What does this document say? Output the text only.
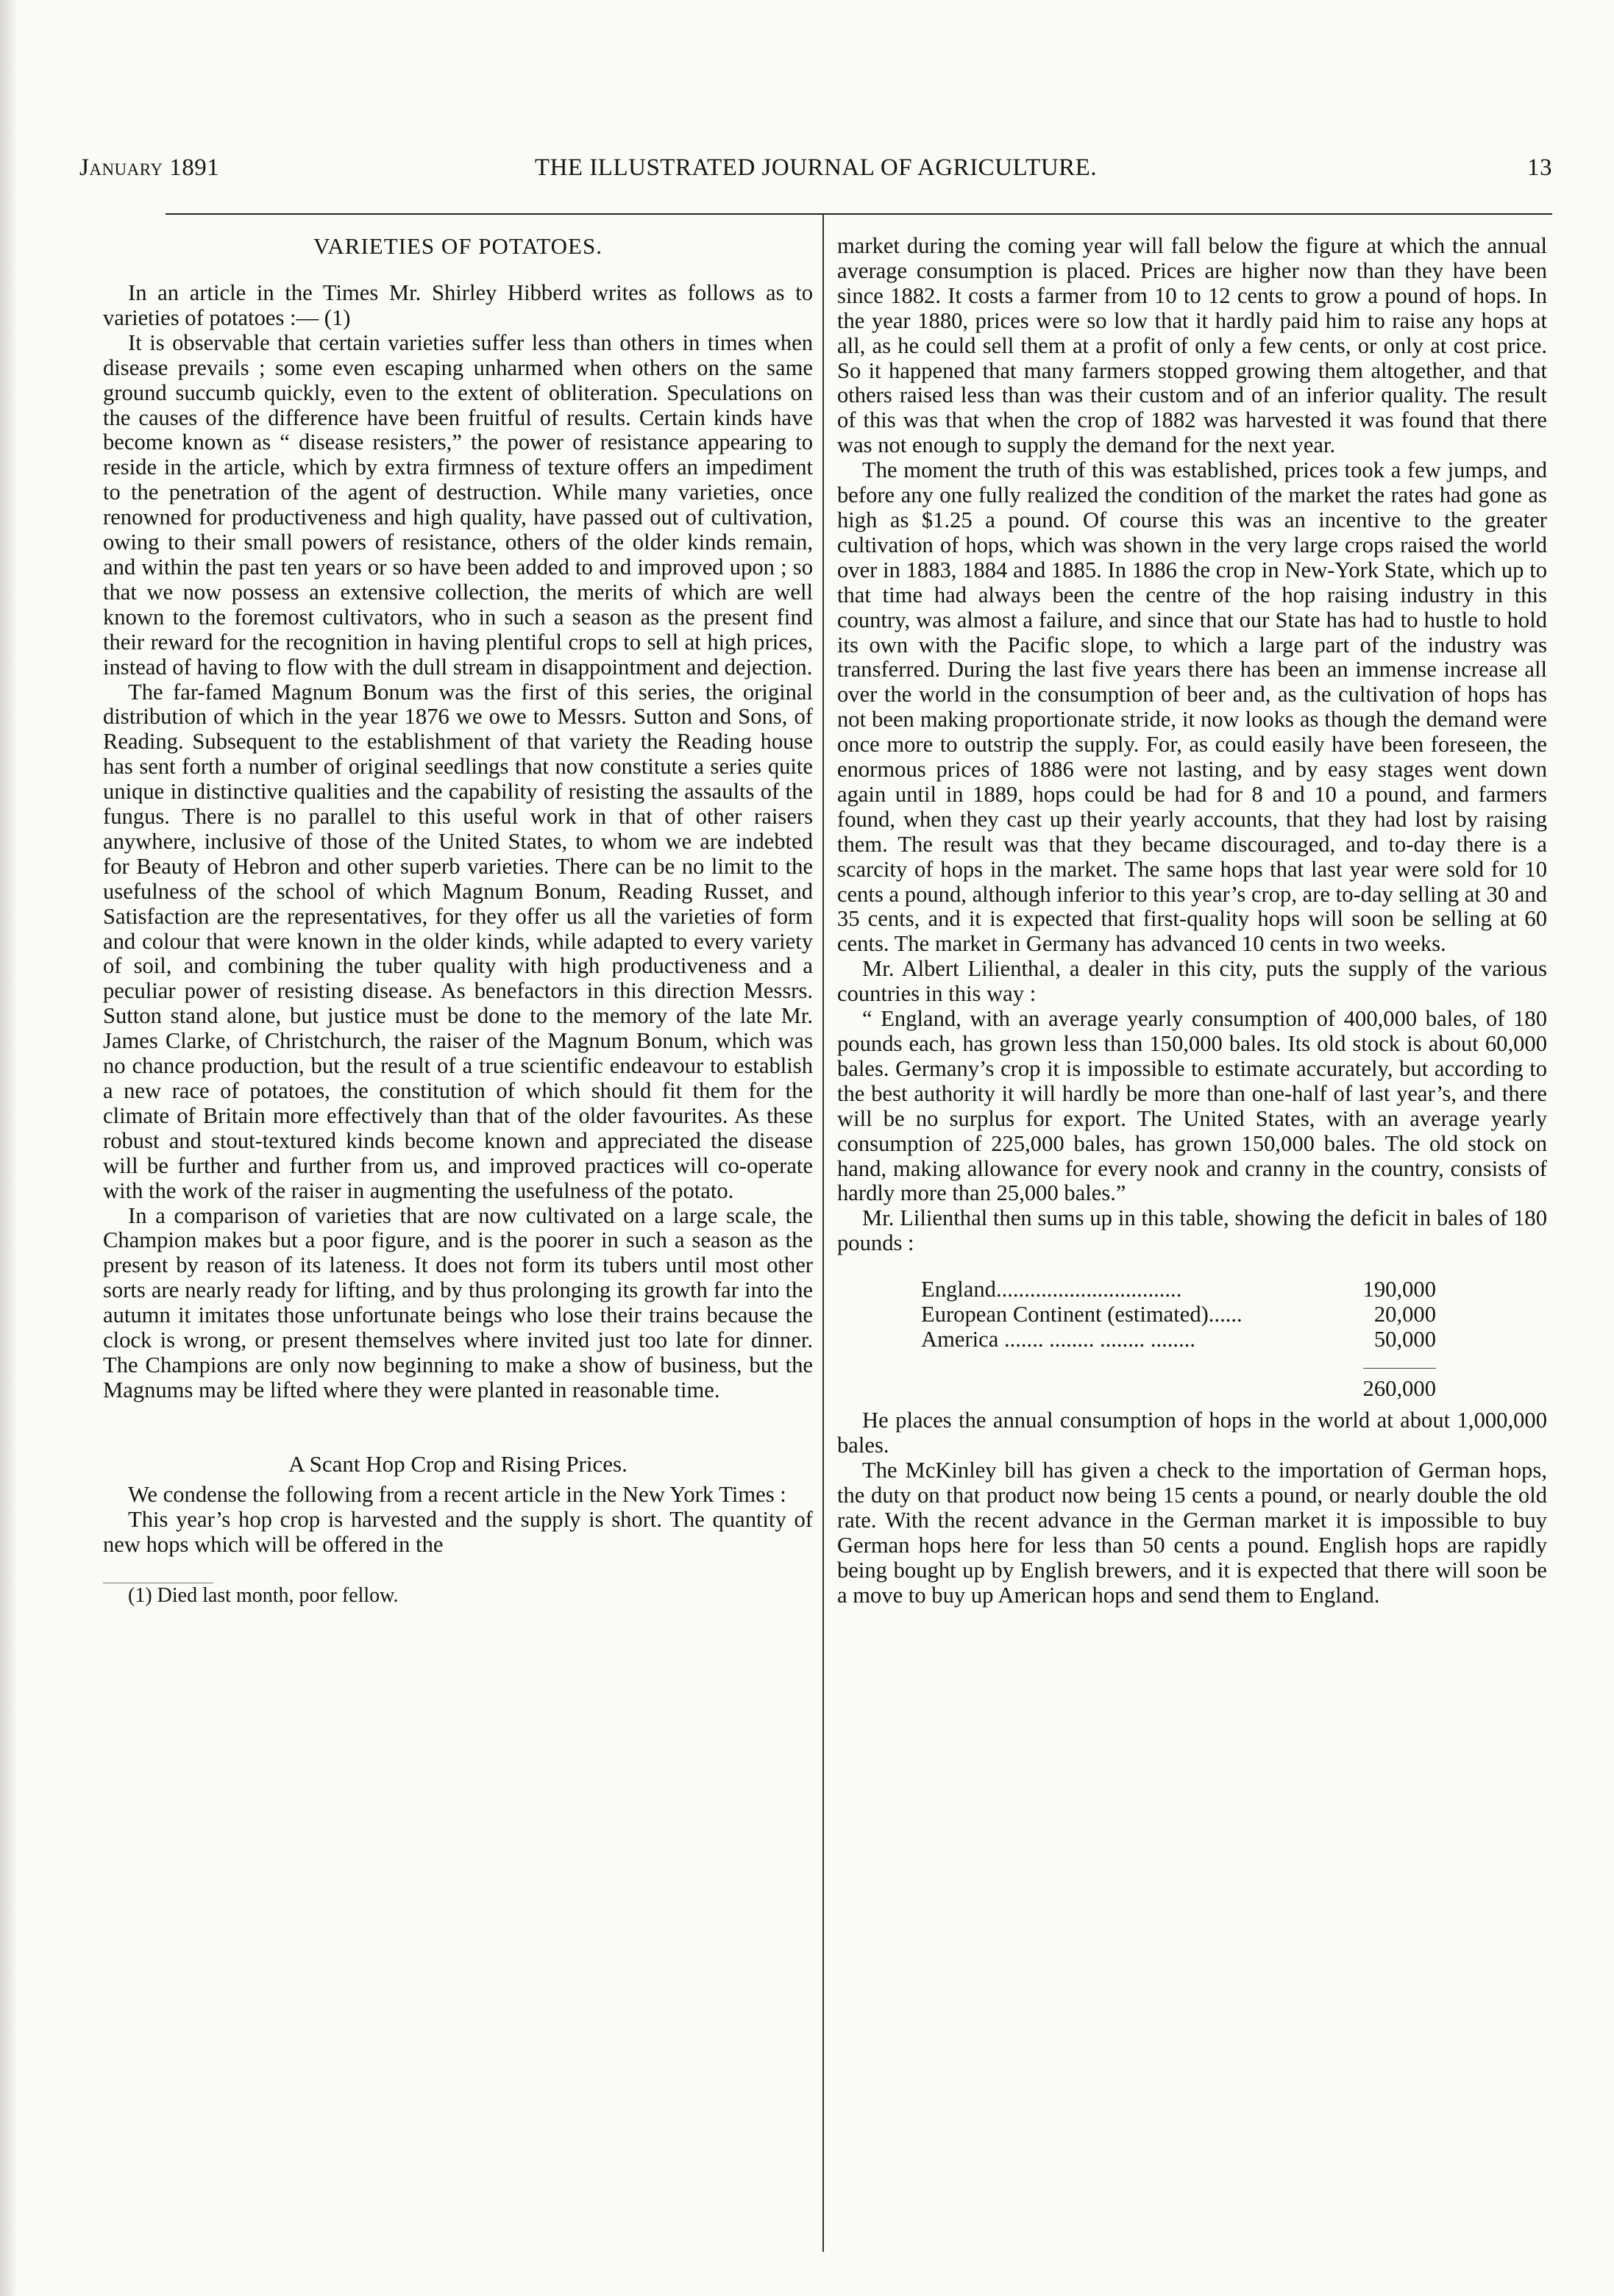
January 1891	THE ILLUSTRATED JOURNAL OF AGRICULTURE.	13
VARIETIES OF POTATOES.

In an article in the Times Mr. Shirley Hibberd writes as follows as to varieties of potatoes :— (1)

It is observable that certain varieties suffer less than others in times when disease prevails ; some even escaping unharmed when others on the same ground succumb quickly, even to the extent of obliteration. Speculations on the causes of the difference have been fruitful of results. Certain kinds have become known as “ disease resisters,” the power of resistance appearing to reside in the article, which by extra firmness of texture offers an impediment to the penetration of the agent of destruction. While many varieties, once renowned for productiveness and high quality, have passed out of cultivation, owing to their small powers of resistance, others of the older kinds remain, and within the past ten years or so have been added to and improved upon ; so that we now possess an extensive collection, the merits of which are well known to the foremost cultivators, who in such a season as the present find their reward for the recognition in having plentiful crops to sell at high prices, instead of having to flow with the dull stream in disappointment and dejection.

The far-famed Magnum Bonum was the first of this series, the original distribution of which in the year 1876 we owe to Messrs. Sutton and Sons, of Reading. Subsequent to the establishment of that variety the Reading house has sent forth a number of original seedlings that now constitute a series quite unique in distinctive qualities and the capability of resisting the assaults of the fungus. There is no parallel to this useful work in that of other raisers anywhere, inclusive of those of the United States, to whom we are indebted for Beauty of Hebron and other superb varieties. There can be no limit to the usefulness of the school of which Magnum Bonum, Reading Russet, and Satisfaction are the representatives, for they offer us all the varieties of form and colour that were known in the older kinds, while adapted to every variety of soil, and combining the tuber quality with high productiveness and a peculiar power of resisting disease. As benefactors in this direction Messrs. Sutton stand alone, but justice must be done to the memory of the late Mr. James Clarke, of Christchurch, the raiser of the Magnum Bonum, which was no chance production, but the result of a true scientific endeavour to establish a new race of potatoes, the constitution of which should fit them for the climate of Britain more effectively than that of the older favourites. As these robust and stout-textured kinds become known and appreciated the disease will be further and further from us, and improved practices will co-operate with the work of the raiser in augmenting the usefulness of the potato.

In a comparison of varieties that are now cultivated on a large scale, the Champion makes but a poor figure, and is the poorer in such a season as the present by reason of its lateness. It does not form its tubers until most other sorts are nearly ready for lifting, and by thus prolonging its growth far into the autumn it imitates those unfortunate beings who lose their trains because the clock is wrong, or present themselves where invited just too late for dinner. The Champions are only now beginning to make a show of business, but the Magnums may be lifted where they were planted in reasonable time.

A Scant Hop Crop and Rising Prices.

We condense the following from a recent article in the New York Times :

This year’s hop crop is harvested and the supply is short. The quantity of new hops which will be offered in the

(1) Died last month, poor fellow.

market during the coming year will fall below the figure at which the annual average consumption is placed. Prices are higher now than they have been since 1882. It costs a farmer from 10 to 12 cents to grow a pound of hops. In the year 1880, prices were so low that it hardly paid him to raise any hops at all, as he could sell them at a profit of only a few cents, or only at cost price. So it happened that many farmers stopped growing them altogether, and that others raised less than was their custom and of an inferior quality. The result of this was that when the crop of 1882 was harvested it was found that there was not enough to supply the demand for the next year.

The moment the truth of this was established, prices took a few jumps, and before any one fully realized the condition of the market the rates had gone as high as $1.25 a pound. Of course this was an incentive to the greater cultivation of hops, which was shown in the very large crops raised the world over in 1883, 1884 and 1885. In 1886 the crop in New-York State, which up to that time had always been the centre of the hop raising industry in this country, was almost a failure, and since that our State has had to hustle to hold its own with the Pacific slope, to which a large part of the industry was transferred. During the last five years there has been an immense increase all over the world in the consumption of beer and, as the cultivation of hops has not been making proportionate stride, it now looks as though the demand were once more to outstrip the supply. For, as could easily have been foreseen, the enormous prices of 1886 were not lasting, and by easy stages went down again until in 1889, hops could be had for 8 and 10 a pound, and farmers found, when they cast up their yearly accounts, that they had lost by raising them. The result was that they became discouraged, and to-day there is a scarcity of hops in the market. The same hops that last year were sold for 10 cents a pound, although inferior to this year’s crop, are to-day selling at 30 and 35 cents, and it is expected that first-quality hops will soon be selling at 60 cents. The market in Germany has advanced 10 cents in two weeks.

Mr. Albert Lilienthal, a dealer in this city, puts the supply of the various countries in this way :

“ England, with an average yearly consumption of 400,000 bales, of 180 pounds each, has grown less than 150,000 bales. Its old stock is about 60,000 bales. Germany’s crop it is impossible to estimate accurately, but according to the best authority it will hardly be more than one-half of last year’s, and there will be no surplus for export. The United States, with an average yearly consumption of 225,000 bales, has grown 150,000 bales. The old stock on hand, making allowance for every nook and cranny in the country, consists of hardly more than 25,000 bales.”

Mr. Lilienthal then sums up in this table, showing the deficit in bales of 180 pounds :

England.................................	190,000
European Continent (estimated)......	20,000
America ....... ........ ........ ........	50,000
	260,000

He places the annual consumption of hops in the world at about 1,000,000 bales.

The McKinley bill has given a check to the importation of German hops, the duty on that product now being 15 cents a pound, or nearly double the old rate. With the recent advance in the German market it is impossible to buy German hops here for less than 50 cents a pound. English hops are rapidly being bought up by English brewers, and it is expected that there will soon be a move to buy up American hops and send them to England.
